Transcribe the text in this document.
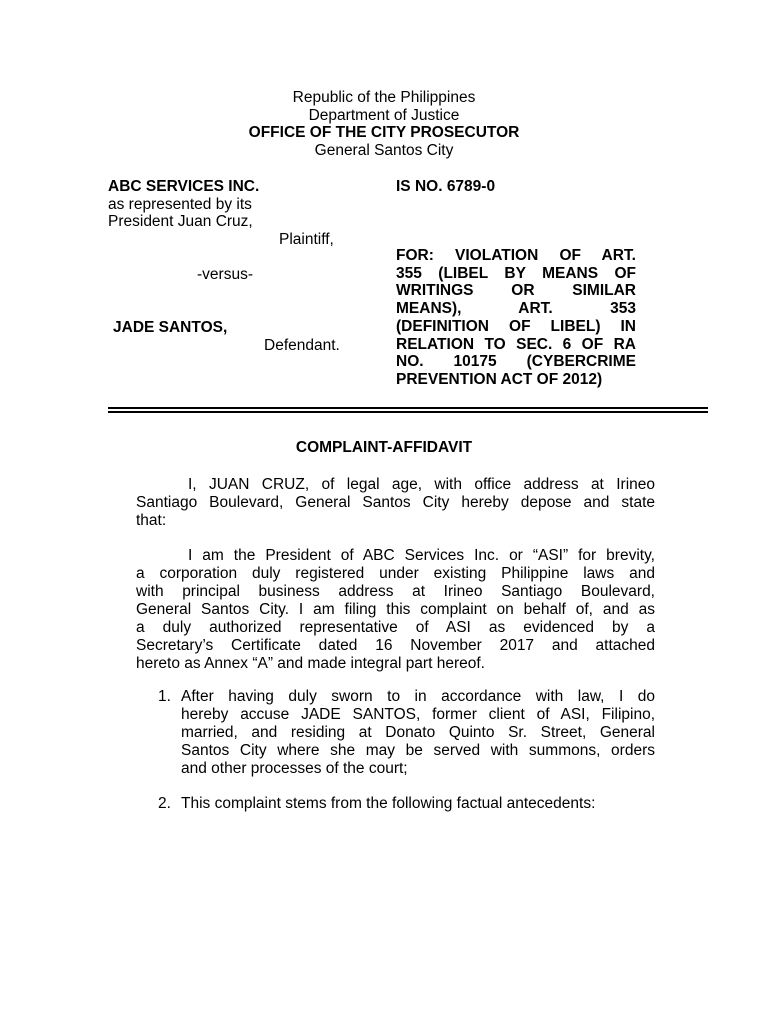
Republic of the Philippines
Department of Justice
OFFICE OF THE CITY PROSECUTOR
General Santos City
ABC SERVICES INC.
as represented by its
President Juan Cruz,
Plaintiff,
-versus-
JADE SANTOS,
Defendant.
IS NO. 6789-0
FOR: VIOLATION OF ART.
355 (LIBEL BY MEANS OF
WRITINGS OR SIMILAR
MEANS), ART. 353
(DEFINITION OF LIBEL) IN
RELATION TO SEC. 6 OF RA
NO. 10175 (CYBERCRIME
PREVENTION ACT OF 2012)
COMPLAINT-AFFIDAVIT
I, JUAN CRUZ, of legal age, with office address at Irineo
Santiago Boulevard, General Santos City hereby depose and state
that:
I am the President of ABC Services Inc. or “ASI” for brevity,
a corporation duly registered under existing Philippine laws and
with principal business address at Irineo Santiago Boulevard,
General Santos City. I am filing this complaint on behalf of, and as
a duly authorized representative of ASI as evidenced by a
Secretary’s Certificate dated 16 November 2017 and attached
hereto as Annex “A” and made integral part hereof.
1. After having duly sworn to in accordance with law, I do
hereby accuse JADE SANTOS, former client of ASI, Filipino,
married, and residing at Donato Quinto Sr. Street, General
Santos City where she may be served with summons, orders
and other processes of the court;
2. This complaint stems from the following factual antecedents:
